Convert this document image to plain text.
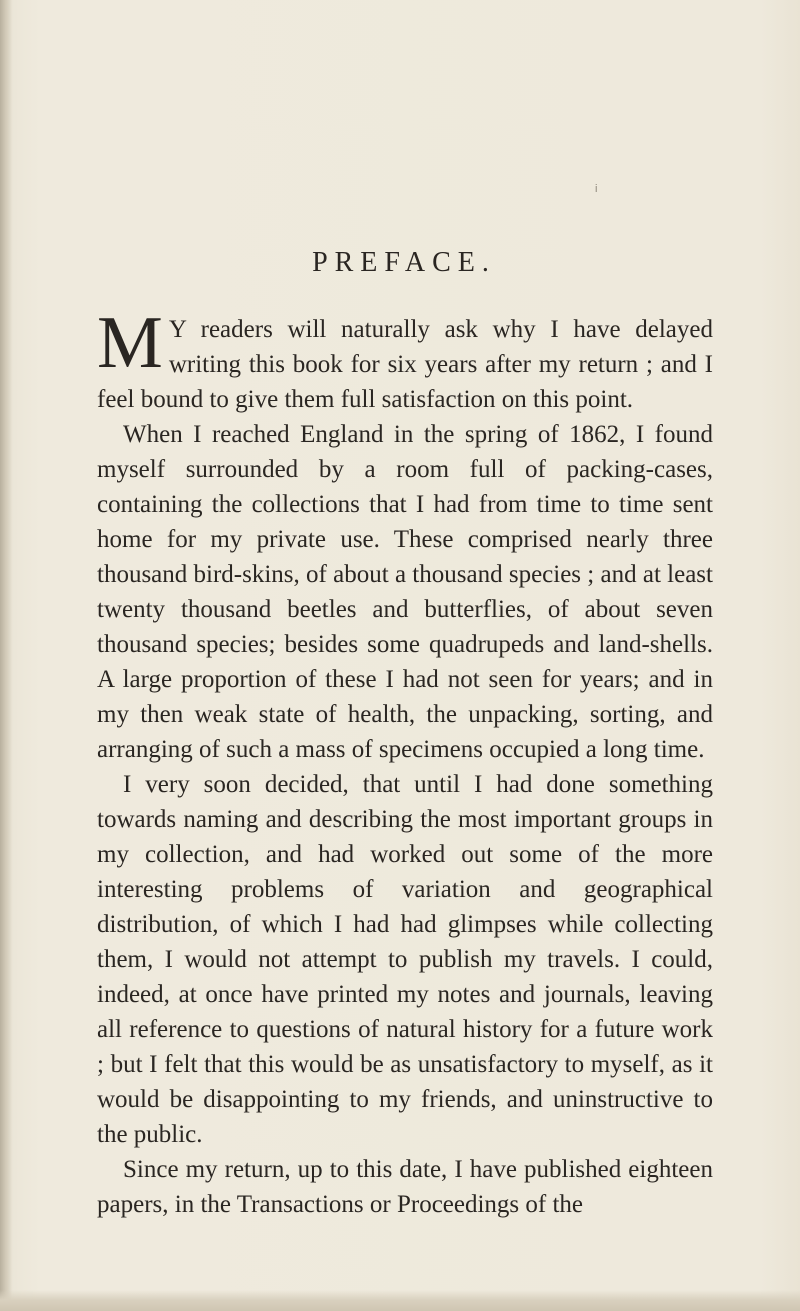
i
PREFACE.

M Y readers will naturally ask why I have delayed writing this book for six years after my return ; and I feel bound to give them full satisfaction on this point.

When I reached England in the spring of 1862, I found myself surrounded by a room full of packing-cases, containing the collections that I had from time to time sent home for my private use. These comprised nearly three thousand bird-skins, of about a thousand species ; and at least twenty thousand beetles and butterflies, of about seven thousand species; besides some quadrupeds and land-shells. A large proportion of these I had not seen for years; and in my then weak state of health, the unpacking, sorting, and arranging of such a mass of specimens occupied a long time.

I very soon decided, that until I had done something towards naming and describing the most important groups in my collection, and had worked out some of the more interesting problems of variation and geographical distribution, of which I had had glimpses while collecting them, I would not attempt to publish my travels. I could, indeed, at once have printed my notes and journals, leaving all reference to questions of natural history for a future work ; but I felt that this would be as unsatisfactory to myself, as it would be disappointing to my friends, and uninstructive to the public.

Since my return, up to this date, I have published eighteen papers, in the Transactions or Proceedings of the
